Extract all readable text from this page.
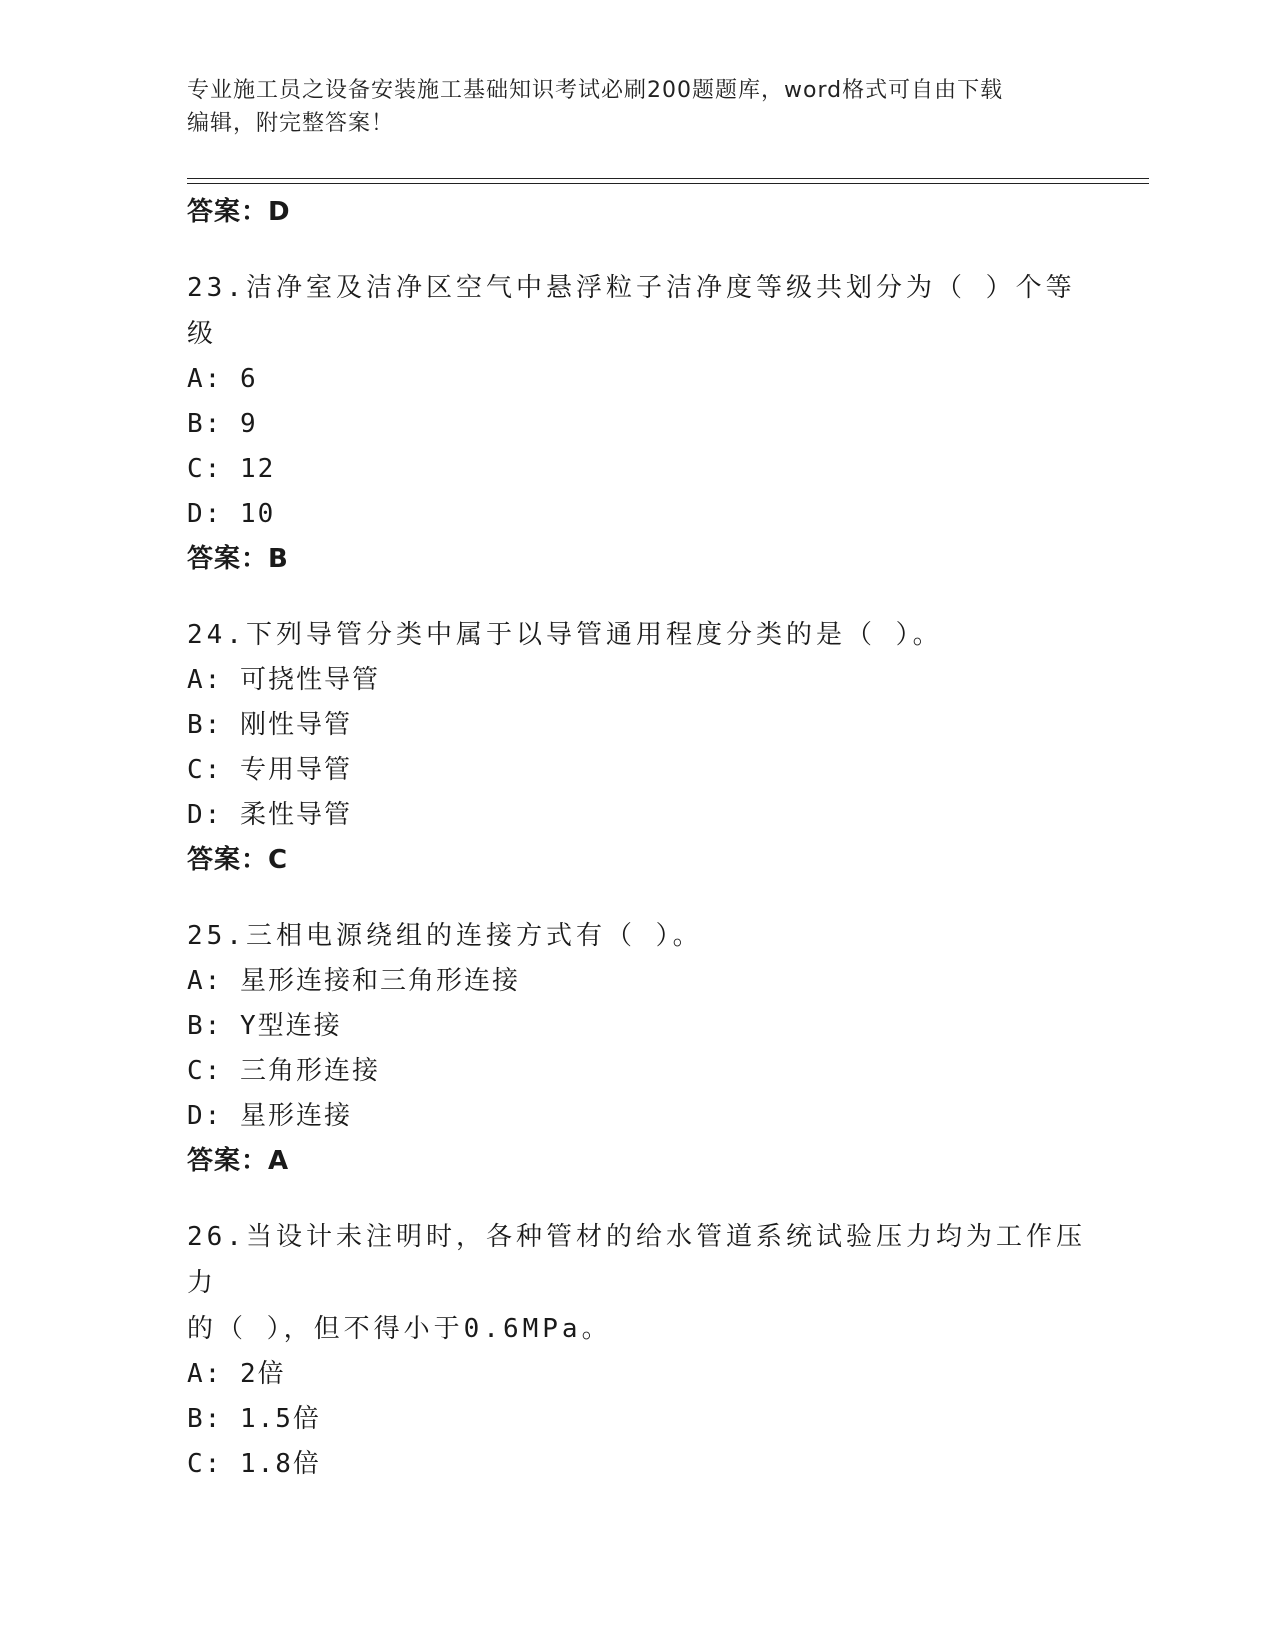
专业施工员之设备安装施工基础知识考试必刷200题题库，word格式可自由下载
编辑，附完整答案！

答案：D

23.洁净室及洁净区空气中悬浮粒子洁净度等级共划分为（ ）个等级

A: 6

B: 9

C: 12

D: 10

答案：B

24.下列导管分类中属于以导管通用程度分类的是（ ）。

A: 可挠性导管

B: 刚性导管

C: 专用导管

D: 柔性导管

答案：C

25.三相电源绕组的连接方式有（ ）。

A: 星形连接和三角形连接

B: Y型连接

C: 三角形连接

D: 星形连接

答案：A

26.当设计未注明时，各种管材的给水管道系统试验压力均为工作压力

的（ ），但不得小于0.6MPa。

A: 2倍

B: 1.5倍

C: 1.8倍
